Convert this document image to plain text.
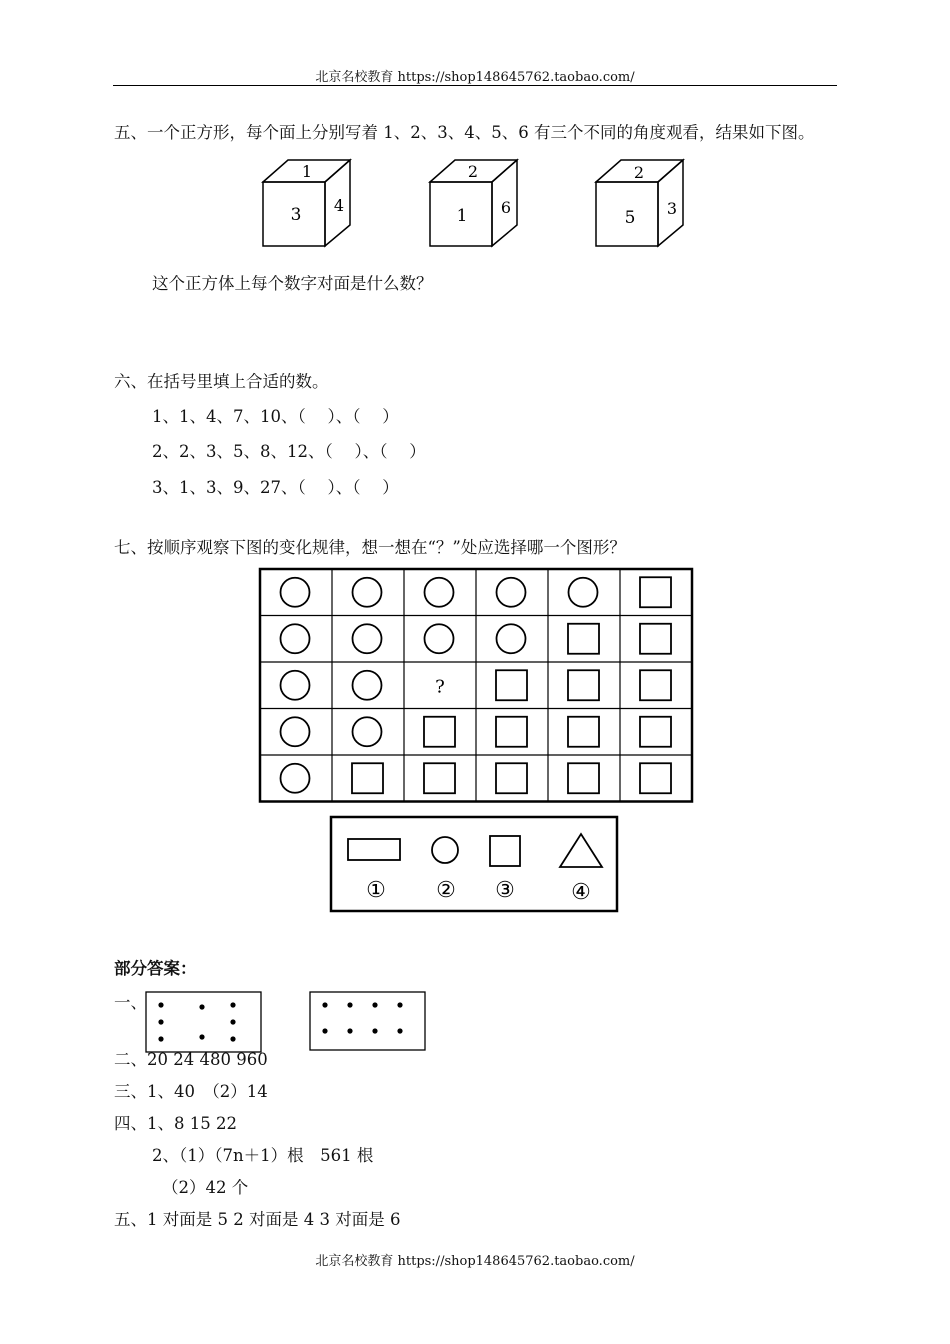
北京名校教育 https://shop148645762.taobao.com/
五、一个正方形，每个面上分别写着 1、2、3、4、5、6 有三个不同的角度观看，结果如下图。
1
3 4
2
1 6
2
5 3
这个正方体上每个数字对面是什么数？
六、在括号里填上合适的数。
1、1、4、7、10、（　 ）、（　 ）
2、2、3、5、8、12、（　 ）、（　 ）
3、1、3、9、27、（　 ）、（　 ）
七、按顺序观察下图的变化规律，想一想在“？”处应选择哪一个图形？
?
① ② ③	④
部分答案：
一、
二、20 24 480 960
三、1、40　（2）14
四、1、8 15 22
2、（1）（7n＋1）根　561 根
（2）42 个
五、1 对面是 5 2 对面是 4 3 对面是 6
北京名校教育 https://shop148645762.taobao.com/
